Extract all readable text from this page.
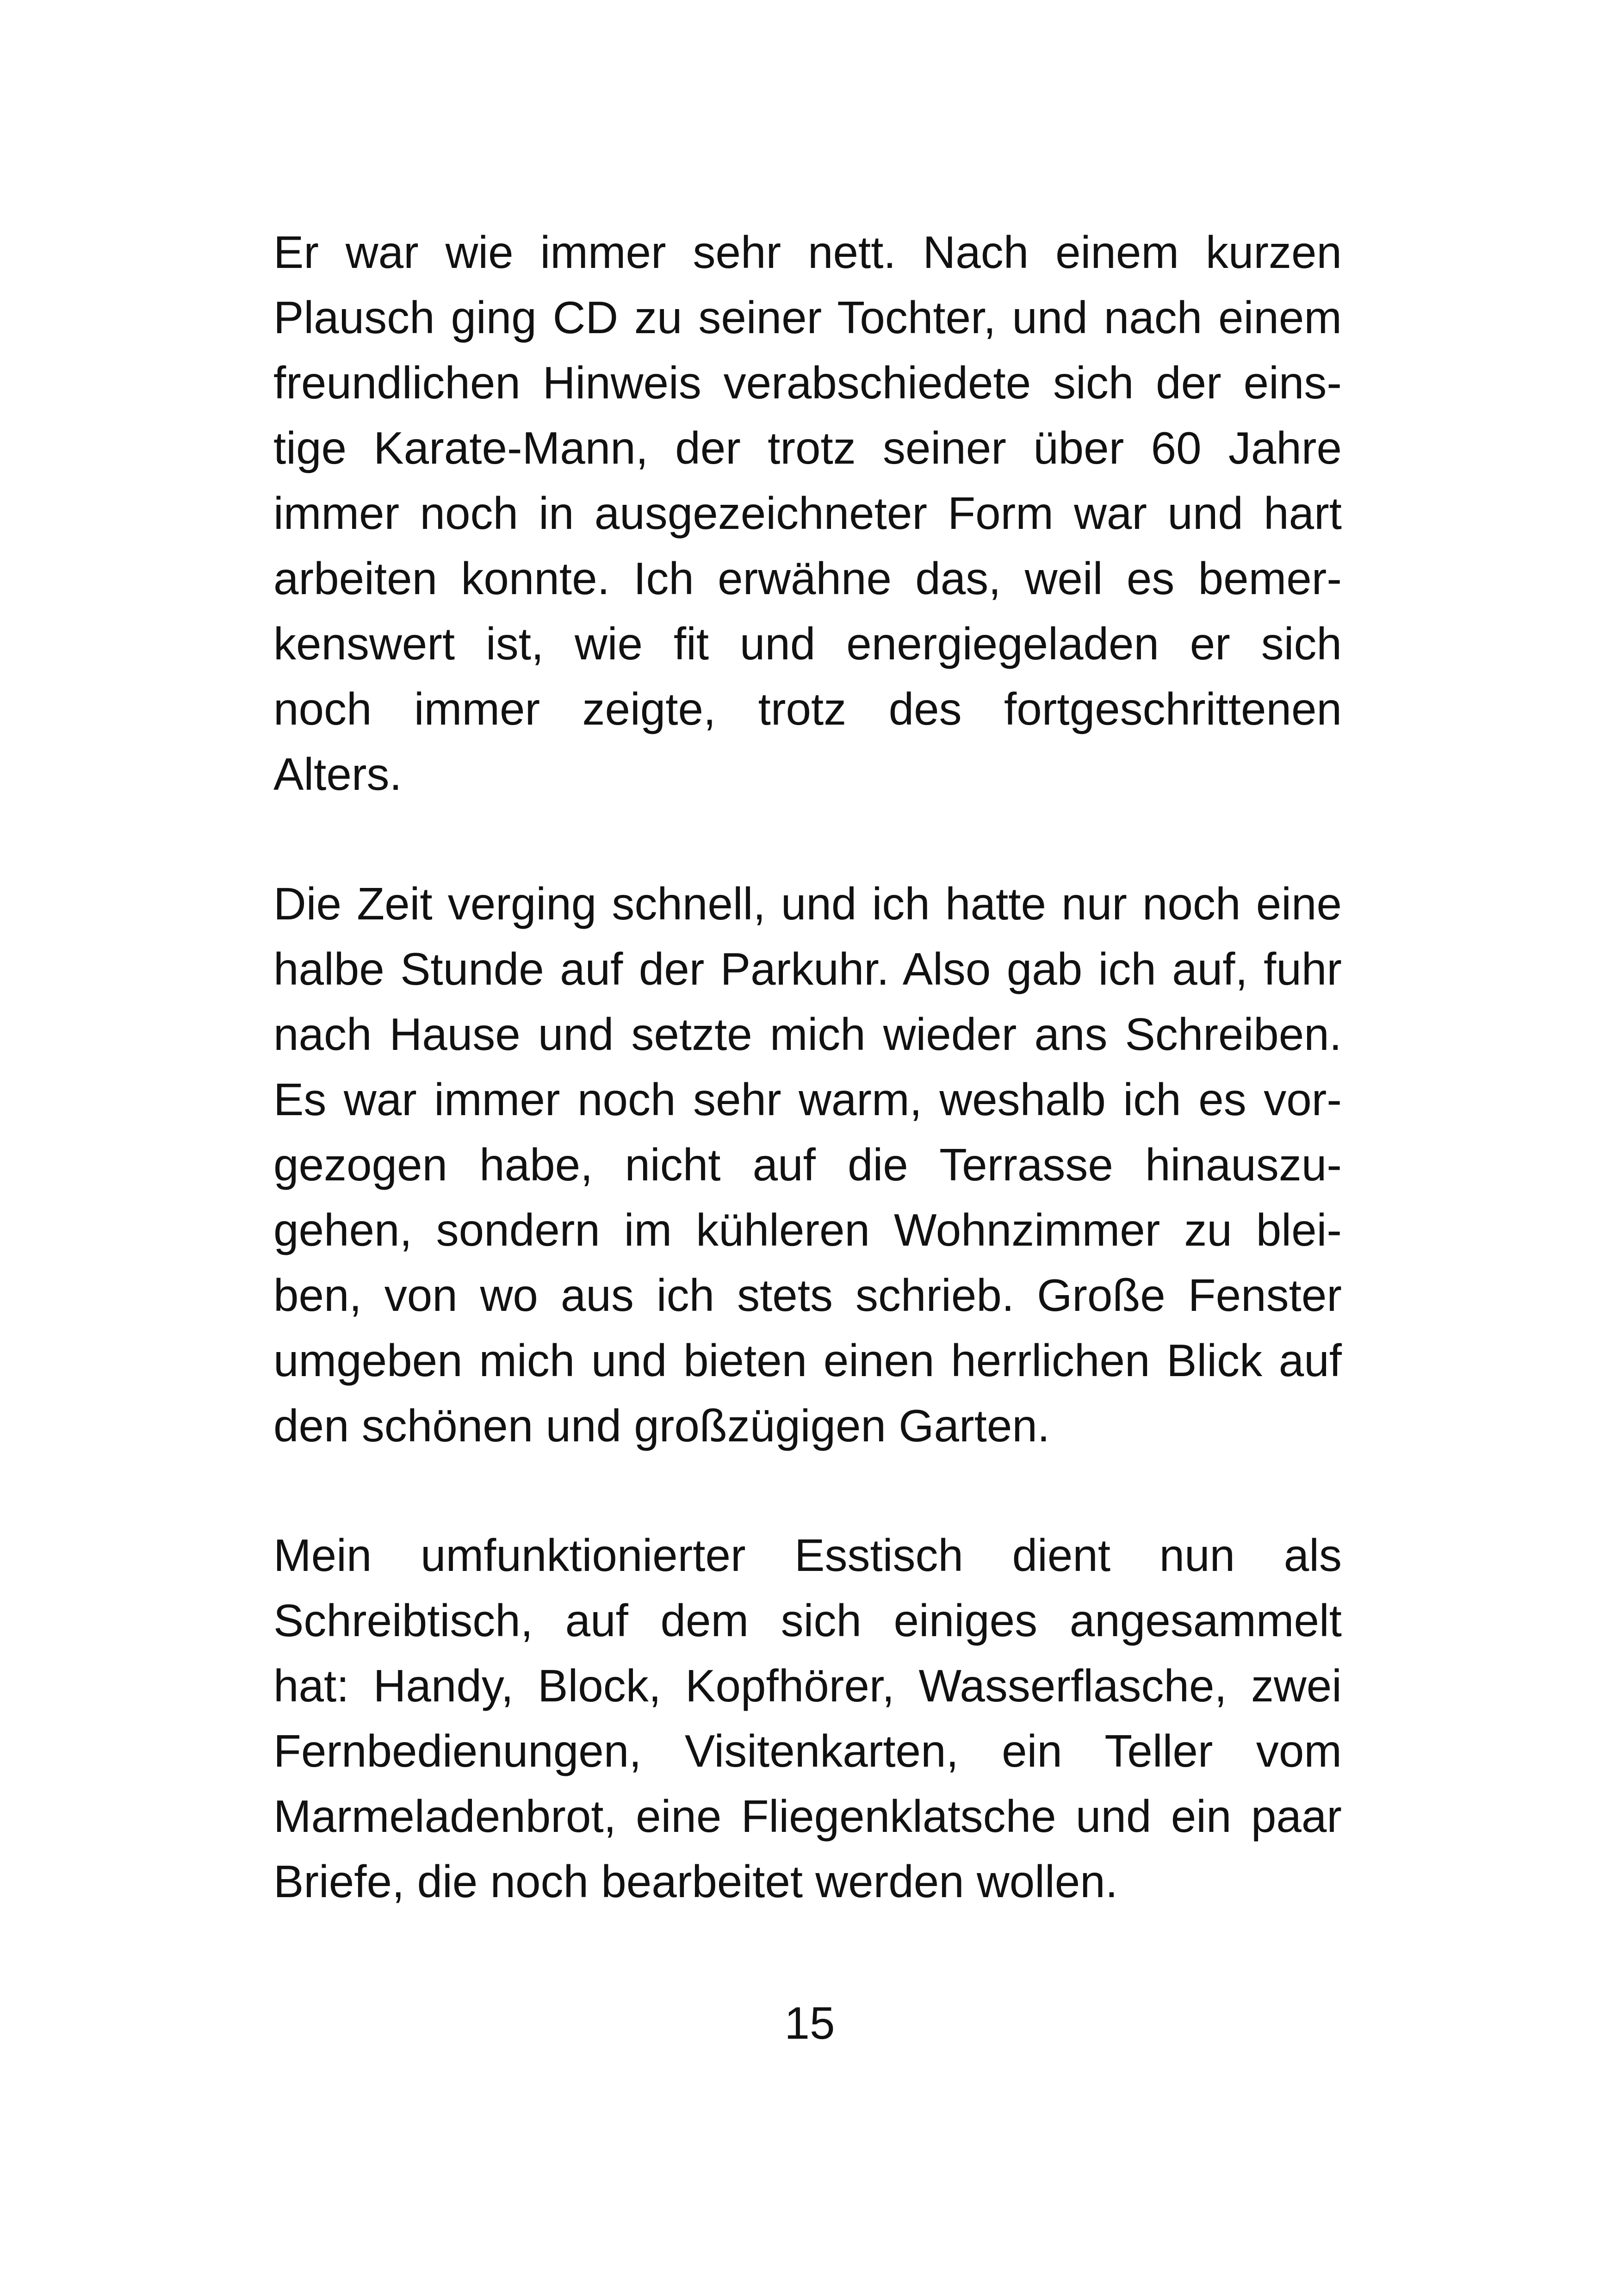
Er war wie immer sehr nett. Nach einem kurzen
Plausch ging CD zu seiner Tochter, und nach einem
freundlichen Hinweis verabschiedete sich der eins-
tige Karate-Mann, der trotz seiner über 60 Jahre
immer noch in ausgezeichneter Form war und hart
arbeiten konnte. Ich erwähne das, weil es bemer-
kenswert ist, wie fit und energiegeladen er sich
noch immer zeigte, trotz des fortgeschrittenen
Alters.
Die Zeit verging schnell, und ich hatte nur noch eine
halbe Stunde auf der Parkuhr. Also gab ich auf, fuhr
nach Hause und setzte mich wieder ans Schreiben.
Es war immer noch sehr warm, weshalb ich es vor-
gezogen habe, nicht auf die Terrasse hinauszu-
gehen, sondern im kühleren Wohnzimmer zu blei-
ben, von wo aus ich stets schrieb. Große Fenster
umgeben mich und bieten einen herrlichen Blick auf
den schönen und großzügigen Garten.
Mein umfunktionierter Esstisch dient nun als
Schreibtisch, auf dem sich einiges angesammelt
hat: Handy, Block, Kopfhörer, Wasserflasche, zwei
Fernbedienungen, Visitenkarten, ein Teller vom
Marmeladenbrot, eine Fliegenklatsche und ein paar
Briefe, die noch bearbeitet werden wollen.
15
